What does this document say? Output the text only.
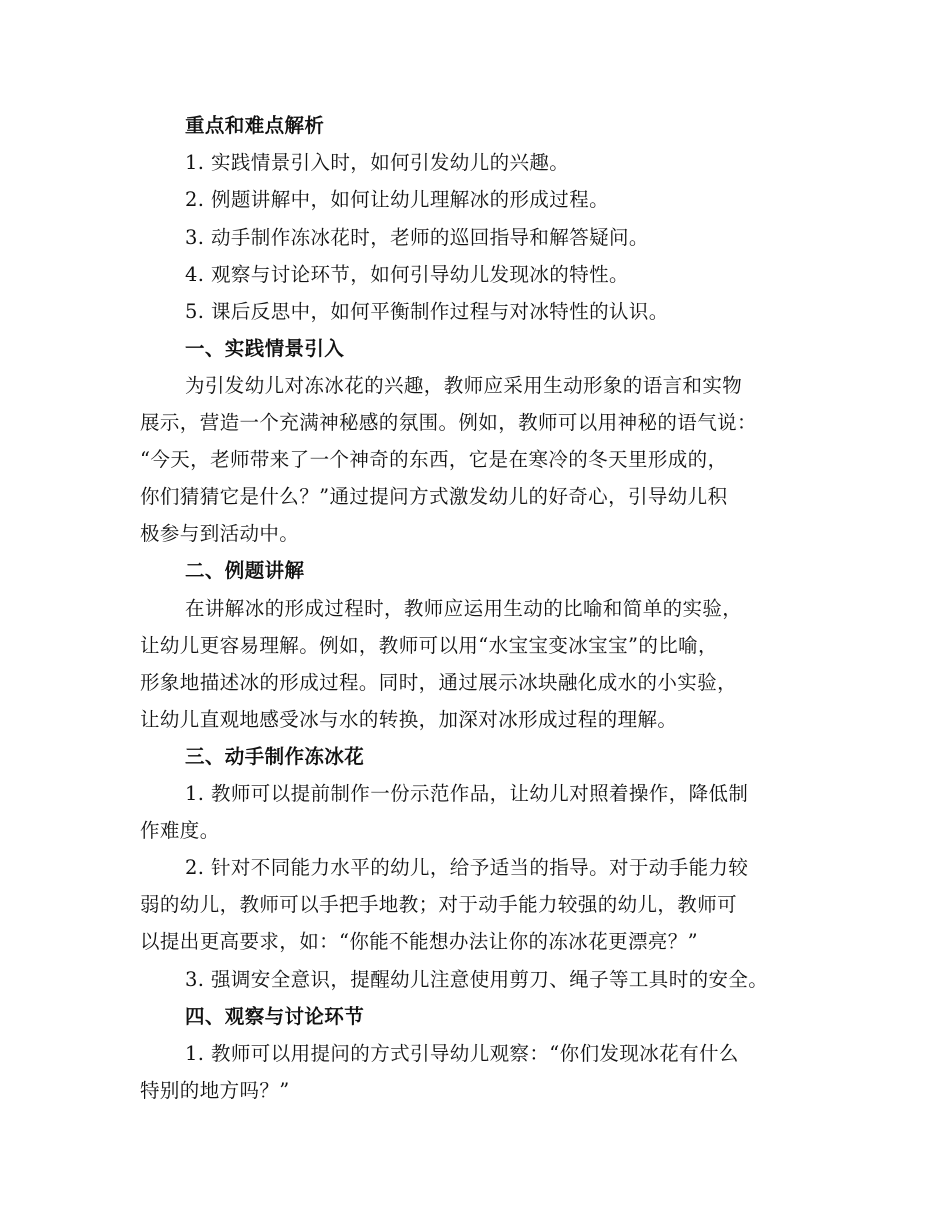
重点和难点解析
1. 实践情景引入时，如何引发幼儿的兴趣。
2. 例题讲解中，如何让幼儿理解冰的形成过程。
3. 动手制作冻冰花时，老师的巡回指导和解答疑问。
4. 观察与讨论环节，如何引导幼儿发现冰的特性。
5. 课后反思中，如何平衡制作过程与对冰特性的认识。
一、实践情景引入
为引发幼儿对冻冰花的兴趣，教师应采用生动形象的语言和实物
展示，营造一个充满神秘感的氛围。例如，教师可以用神秘的语气说：
“今天，老师带来了一个神奇的东西，它是在寒冷的冬天里形成的，
你们猜猜它是什么？”通过提问方式激发幼儿的好奇心，引导幼儿积
极参与到活动中。
二、例题讲解
在讲解冰的形成过程时，教师应运用生动的比喻和简单的实验，
让幼儿更容易理解。例如，教师可以用“水宝宝变冰宝宝”的比喻，
形象地描述冰的形成过程。同时，通过展示冰块融化成水的小实验，
让幼儿直观地感受冰与水的转换，加深对冰形成过程的理解。
三、动手制作冻冰花
1. 教师可以提前制作一份示范作品，让幼儿对照着操作，降低制
作难度。
2. 针对不同能力水平的幼儿，给予适当的指导。对于动手能力较
弱的幼儿，教师可以手把手地教；对于动手能力较强的幼儿，教师可
以提出更高要求，如：“你能不能想办法让你的冻冰花更漂亮？”
3. 强调安全意识，提醒幼儿注意使用剪刀、绳子等工具时的安全。
四、观察与讨论环节
1. 教师可以用提问的方式引导幼儿观察：“你们发现冰花有什么
特别的地方吗？”
